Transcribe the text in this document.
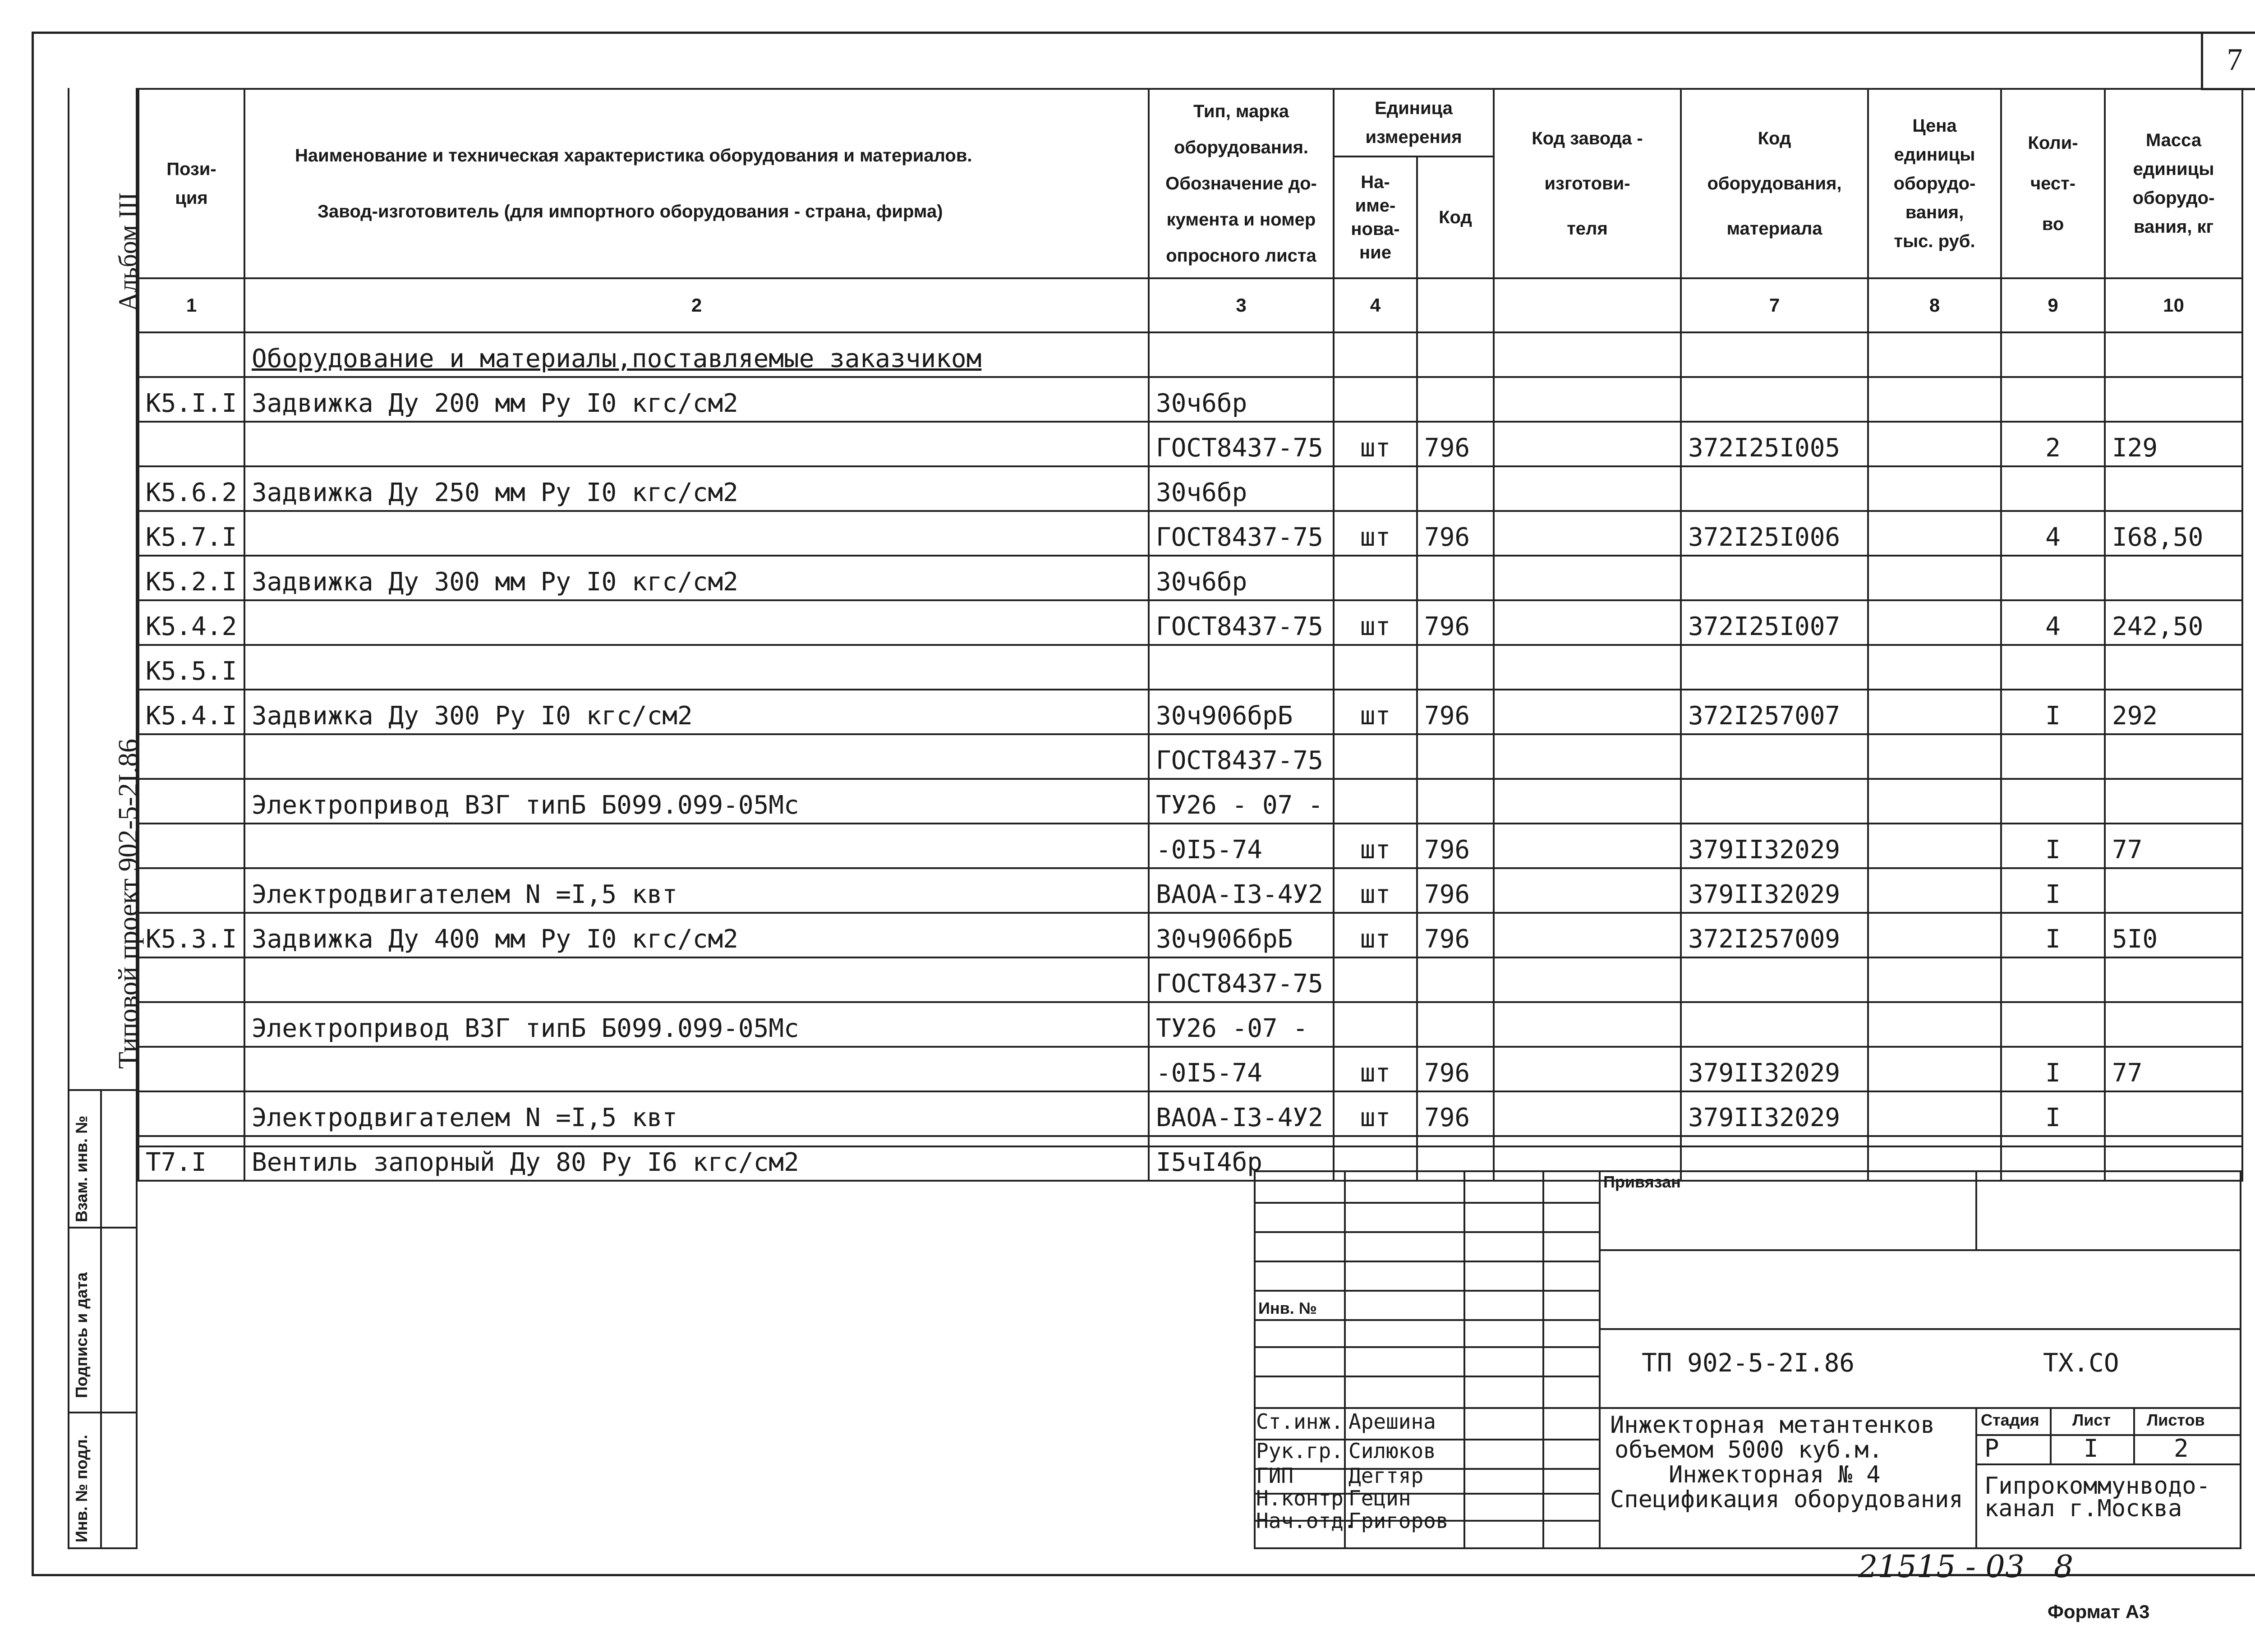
7
Альбом III
Типовой проект 902-5-2I.86
Взам. инв. №
Подпись и дата
Инв. № подл.
Пози- ция	Наименование и техническая характеристика оборудования и материалов.
Завод-изготовитель (для импортного оборудования - страна, фирма)	Тип, марка оборудования. Обозначение до- кумента и номер опросного листа	Единица измерения		Код завода - изготови- теля	Код оборудования, материала	Цена единицы оборудо- вания, тыс. руб.	Коли- чест- во	Масса единицы оборудо- вания, кг
			На- име- нова- ние	Код					
1	2	3	4			7	8	9	10
	Оборудование и материалы,поставляемые заказчиком								
К5.I.I	Задвижка Ду 200 мм Ру I0 кгс/см2	30ч6бр							
		ГОСТ8437-75	шт	796		372I25I005		2	I29
К5.6.2	Задвижка Ду 250 мм Ру I0 кгс/см2	30ч6бр							
К5.7.I		ГОСТ8437-75	шт	796		372I25I006		4	I68,50
К5.2.I	Задвижка Ду 300 мм Ру I0 кгс/см2	30ч6бр							
К5.4.2		ГОСТ8437-75	шт	796		372I25I007		4	242,50
К5.5.I									
К5.4.I	Задвижка Ду 300 Ру I0 кгс/см2	30ч906брБ	шт	796		372I257007		I	292
		ГОСТ8437-75							
	Электропривод ВЗГ типБ Б099.099-05Мс	ТУ26 - 07 -							
		-0I5-74	шт	796		379II32029		I	77
	Электродвигателем N =I,5 квт	ВАОА-I3-4У2	шт	796		379II32029		I	
К5.3.I	Задвижка Ду 400 мм Ру I0 кгс/см2	30ч906брБ	шт	796		372I257009		I	5I0
		ГОСТ8437-75							
	Электропривод ВЗГ типБ Б099.099-05Мс	ТУ26 -07 -							
		-0I5-74	шт	796		379II32029		I	77
	Электродвигателем N =I,5 квт	ВАОА-I3-4У2	шт	796		379II32029		I	
Т7.I	Вентиль запорный Ду 80 Ру I6 кгс/см2	I5чI4бр							
Привязан
Инв. №
ТП 902-5-2I.86	ТХ.СО
Ст.инж. Арешина
Рук.гр. Силюков
ГИП	Дегтяр
Н.контр Гецин
Нач.отд.
Григоров
Инжекторная метантенков
объемом 5000 куб.м.
Инжекторная № 4
Спецификация оборудования
Стадия Лист Листов
Р	I	2
Гипрокоммунводо-
канал г.Москва
21515 - 03   8
Формат А3
